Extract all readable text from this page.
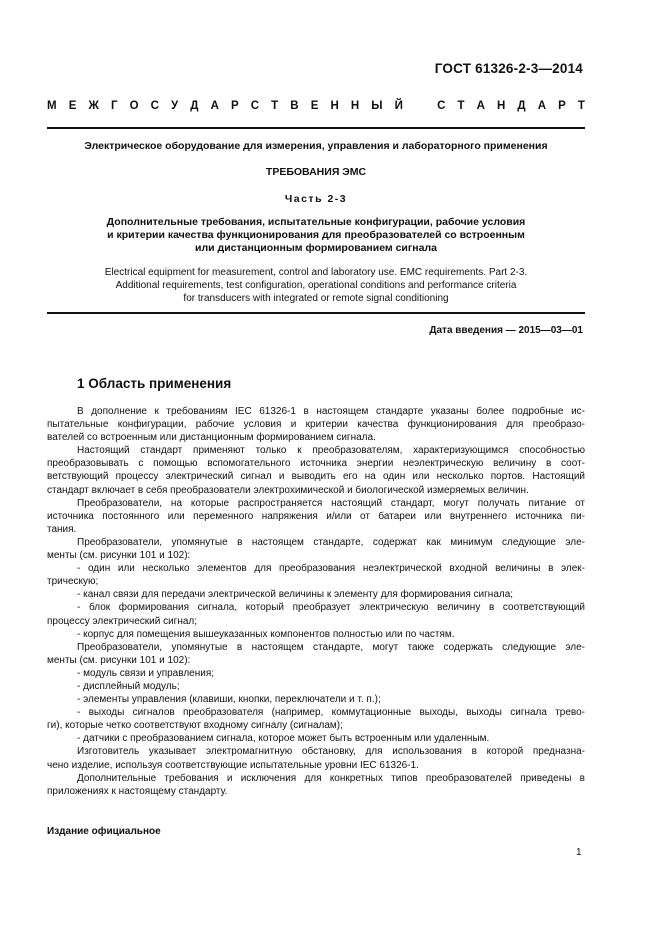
ГОСТ 61326-2-3—2014
М Е Ж Г О С У Д А Р С Т В Е Н Н Ы Й	С Т А Н Д А Р Т
Электрическое оборудование для измерения, управления и лабораторного применения
ТРЕБОВАНИЯ ЭМС
Часть 2-3
Дополнительные требования, испытательные конфигурации, рабочие условия
и критерии качества функционирования для преобразователей со встроенным
или дистанционным формированием сигнала
Electrical equipment for measurement, control and laboratory use. EMC requirements. Part 2-3.
Additional requirements, test configuration, operational conditions and performance criteria
for transducers with integrated or remote signal conditioning
Дата введения — 2015—03—01
1 Область применения
В дополнение к требованиям IEC 61326-1 в настоящем стандарте указаны более подробные ис-
пытательные конфигурации, рабочие условия и критерии качества функционирования для преобразо-
вателей со встроенным или дистанционным формированием сигнала.
Настоящий стандарт применяют только к преобразователям, характеризующимся способностью
преобразовывать с помощью вспомогательного источника энергии неэлектрическую величину в соот-
ветствующий процессу электрический сигнал и выводить его на один или несколько портов. Настоящий
стандарт включает в себя преобразователи электрохимической и биологической измеряемых величин.
Преобразователи, на которые распространяется настоящий стандарт, могут получать питание от
источника постоянного или переменного напряжения и/или от батареи или внутреннего источника пи-
тания.
Преобразователи, упомянутые в настоящем стандарте, содержат как минимум следующие эле-
менты (см. рисунки 101 и 102):
- один или несколько элементов для преобразования неэлектрической входной величины в элек-
трическую;
- канал связи для передачи электрической величины к элементу для формирования сигнала;
- блок формирования сигнала, который преобразует электрическую величину в соответствующий
процессу электрический сигнал;
- корпус для помещения вышеуказанных компонентов полностью или по частям.
Преобразователи, упомянутые в настоящем стандарте, могут также содержать следующие эле-
менты (см. рисунки 101 и 102):
- модуль связи и управления;
- дисплейный модуль;
- элементы управления (клавиши, кнопки, переключатели и т. п.);
- выходы сигналов преобразователя (например, коммутационные выходы, выходы сигнала трево-
ги), которые четко соответствуют входному сигналу (сигналам);
- датчики с преобразованием сигнала, которое может быть встроенным или удаленным.
Изготовитель указывает электромагнитную обстановку, для использования в которой предназна-
чено изделие, используя соответствующие испытательные уровни IEC 61326-1.
Дополнительные требования и исключения для конкретных типов преобразователей приведены в
приложениях к настоящему стандарту.
Издание официальное
1
